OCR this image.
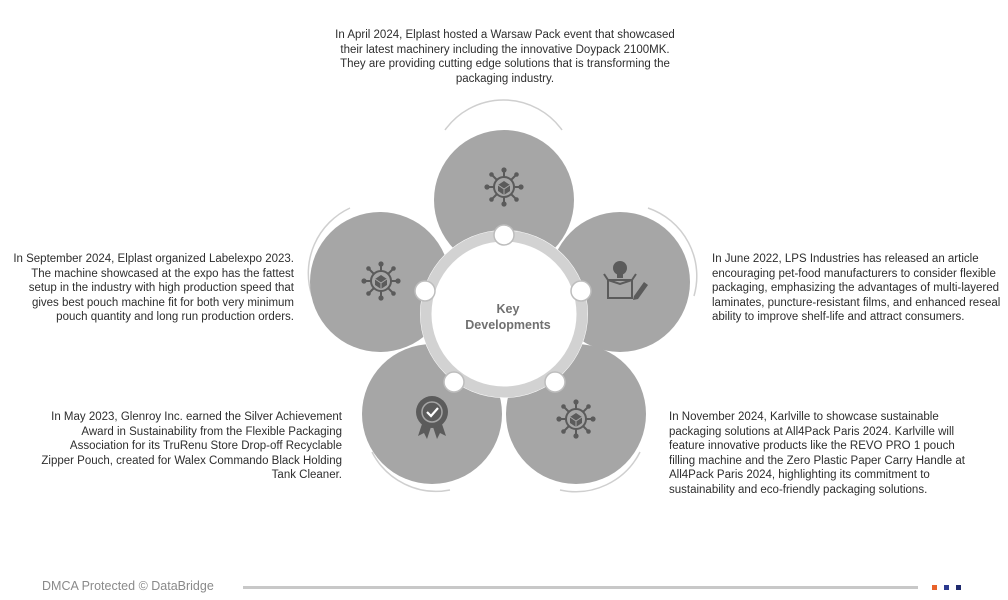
Key
Developments
In April 2024, Elplast hosted a Warsaw Pack event that showcased their latest machinery including the innovative Doypack 2100MK. They are providing cutting edge solutions that is transforming the packaging industry.
In June 2022, LPS Industries has released an article encouraging pet-food manufacturers to consider flexible packaging, emphasizing the advantages of multi-layered laminates, puncture-resistant films, and enhanced reseal ability to improve shelf-life and attract consumers.
In November 2024, Karlville to showcase sustainable packaging solutions at All4Pack Paris 2024. Karlville will feature innovative products like the REVO PRO 1 pouch filling machine and the Zero Plastic Paper Carry Handle at All4Pack Paris 2024, highlighting its commitment to sustainability and eco-friendly packaging solutions.
In May 2023, Glenroy Inc. earned the Silver Achievement Award in Sustainability from the Flexible Packaging Association for its TruRenu Store Drop-off Recyclable Zipper Pouch, created for Walex Commando Black Holding Tank Cleaner.
In September 2024, Elplast organized Labelexpo 2023. The machine showcased at the expo has the fattest setup in the industry with high production speed that gives best pouch machine fit for both very minimum pouch quantity and long run production orders.
DMCA Protected © DataBridge
